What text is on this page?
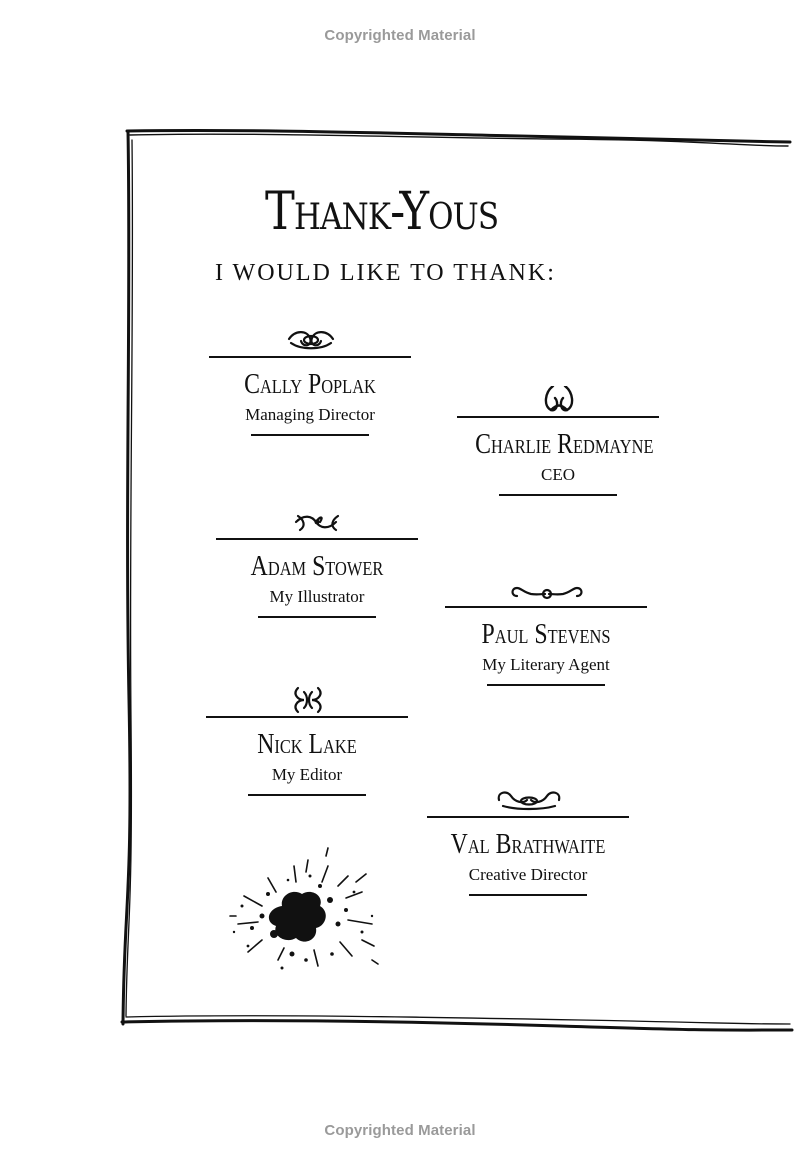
Copyrighted Material
Thank-Yous
I WOULD LIKE TO THANK:
Cally Poplak
Managing Director
Charlie Redmayne
CEO
Adam Stower
My Illustrator
Paul Stevens
My Literary Agent
Nick Lake
My Editor
Val Brathwaite
Creative Director
Copyrighted Material
